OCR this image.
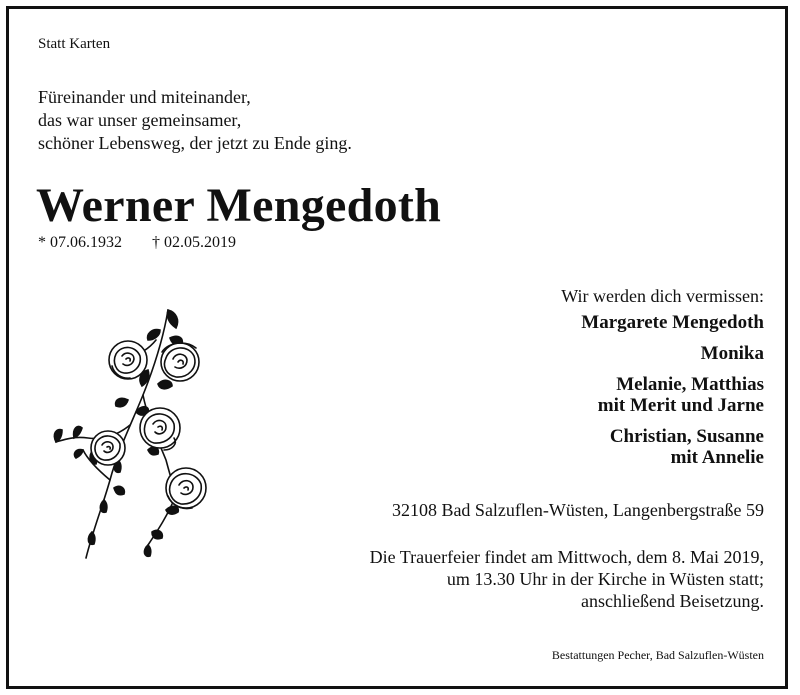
Statt Karten
Füreinander und miteinander,
das war unser gemeinsamer,
schöner Lebensweg, der jetzt zu Ende ging.
Werner Mengedoth
* 07.06.1932 † 02.05.2019
Wir werden dich vermissen:
Margarete Mengedoth
Monika
Melanie, Matthias
mit Merit und Jarne
Christian, Susanne
mit Annelie
32108 Bad Salzuflen-Wüsten, Langenbergstraße 59
Die Trauerfeier findet am Mittwoch, dem 8. Mai 2019,
um 13.30 Uhr in der Kirche in Wüsten statt;
anschließend Beisetzung.
Bestattungen Pecher, Bad Salzuflen-Wüsten
